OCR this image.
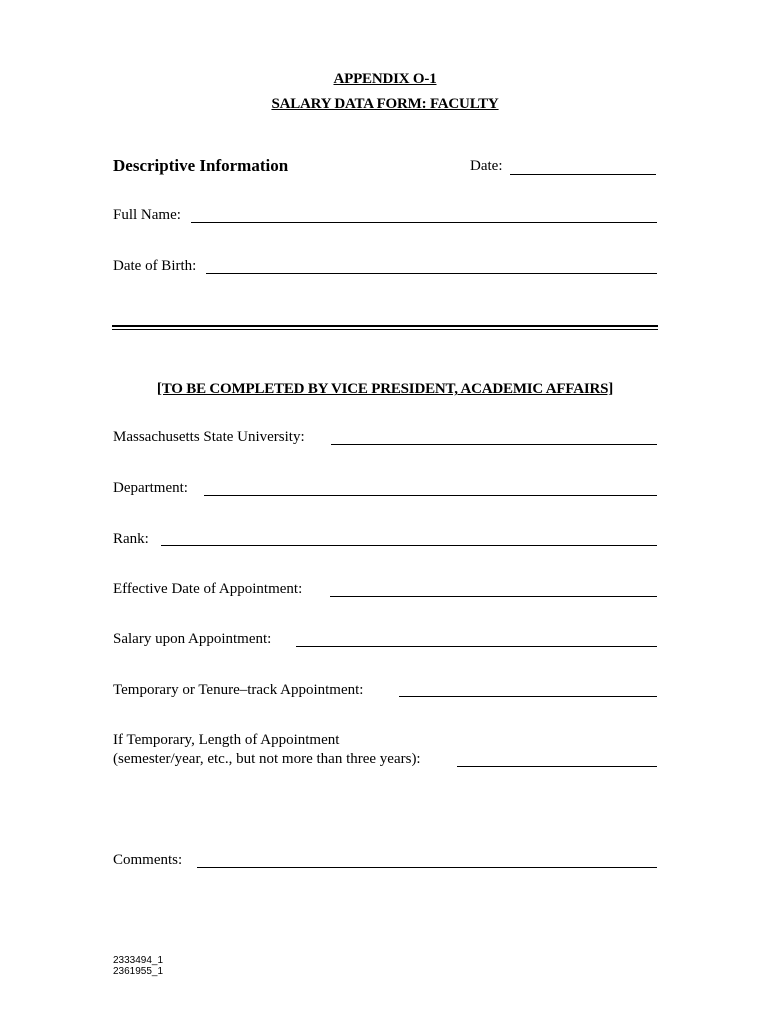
APPENDIX O-1
SALARY DATA FORM: FACULTY
Descriptive Information	Date:
Full Name:
Date of Birth:
[TO BE COMPLETED BY VICE PRESIDENT, ACADEMIC AFFAIRS]
Massachusetts State University:
Department:
Rank:
Effective Date of Appointment:
Salary upon Appointment:
Temporary or Tenure–track Appointment:
If Temporary, Length of Appointment
(semester/year, etc., but not more than three years):
Comments:
2333494_1
2361955_1
